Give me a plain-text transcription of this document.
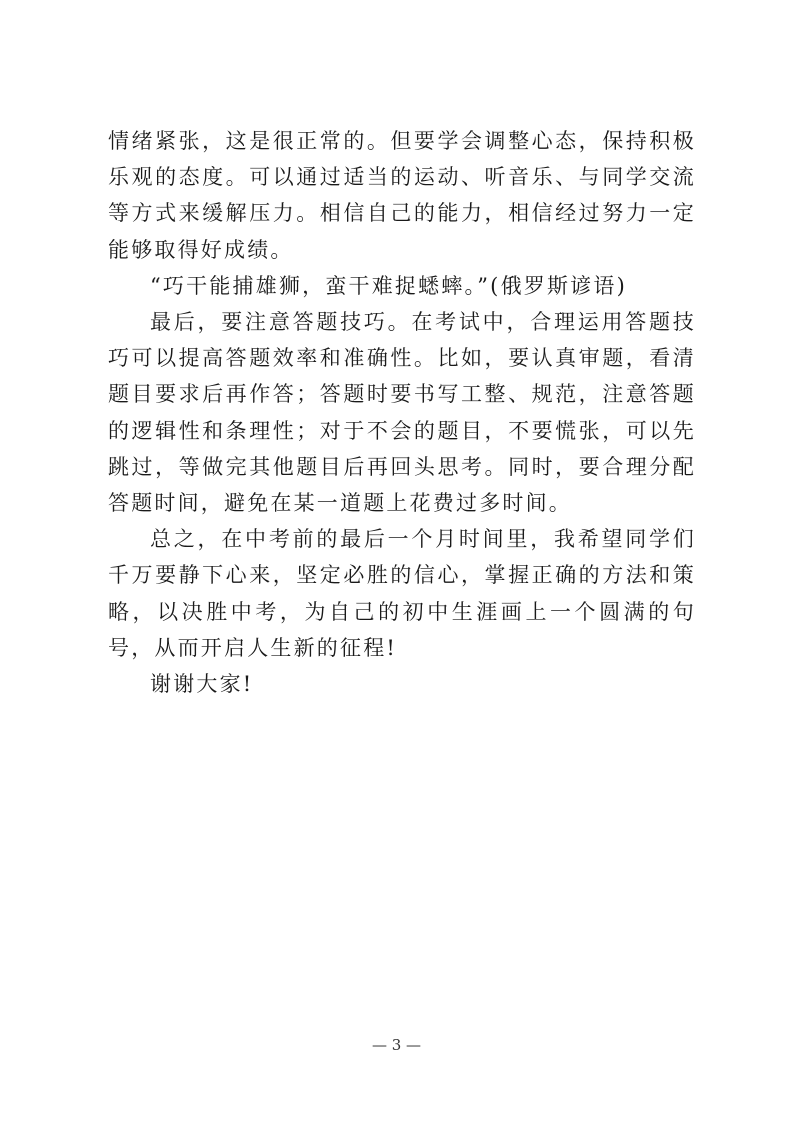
情绪紧张，这是很正常的。但要学会调整心态，保持积极乐观的态度。可以通过适当的运动、听音乐、与同学交流等方式来缓解压力。相信自己的能力，相信经过努力一定能够取得好成绩。

“巧干能捕雄狮，蛮干难捉蟋蟀。”(俄罗斯谚语)

最后，要注意答题技巧。在考试中，合理运用答题技巧可以提高答题效率和准确性。比如，要认真审题，看清题目要求后再作答；答题时要书写工整、规范，注意答题的逻辑性和条理性；对于不会的题目，不要慌张，可以先跳过，等做完其他题目后再回头思考。同时，要合理分配答题时间，避免在某一道题上花费过多时间。

总之，在中考前的最后一个月时间里，我希望同学们千万要静下心来，坚定必胜的信心，掌握正确的方法和策略，以决胜中考，为自己的初中生涯画上一个圆满的句号，从而开启人生新的征程!

谢谢大家!

— 3 —
